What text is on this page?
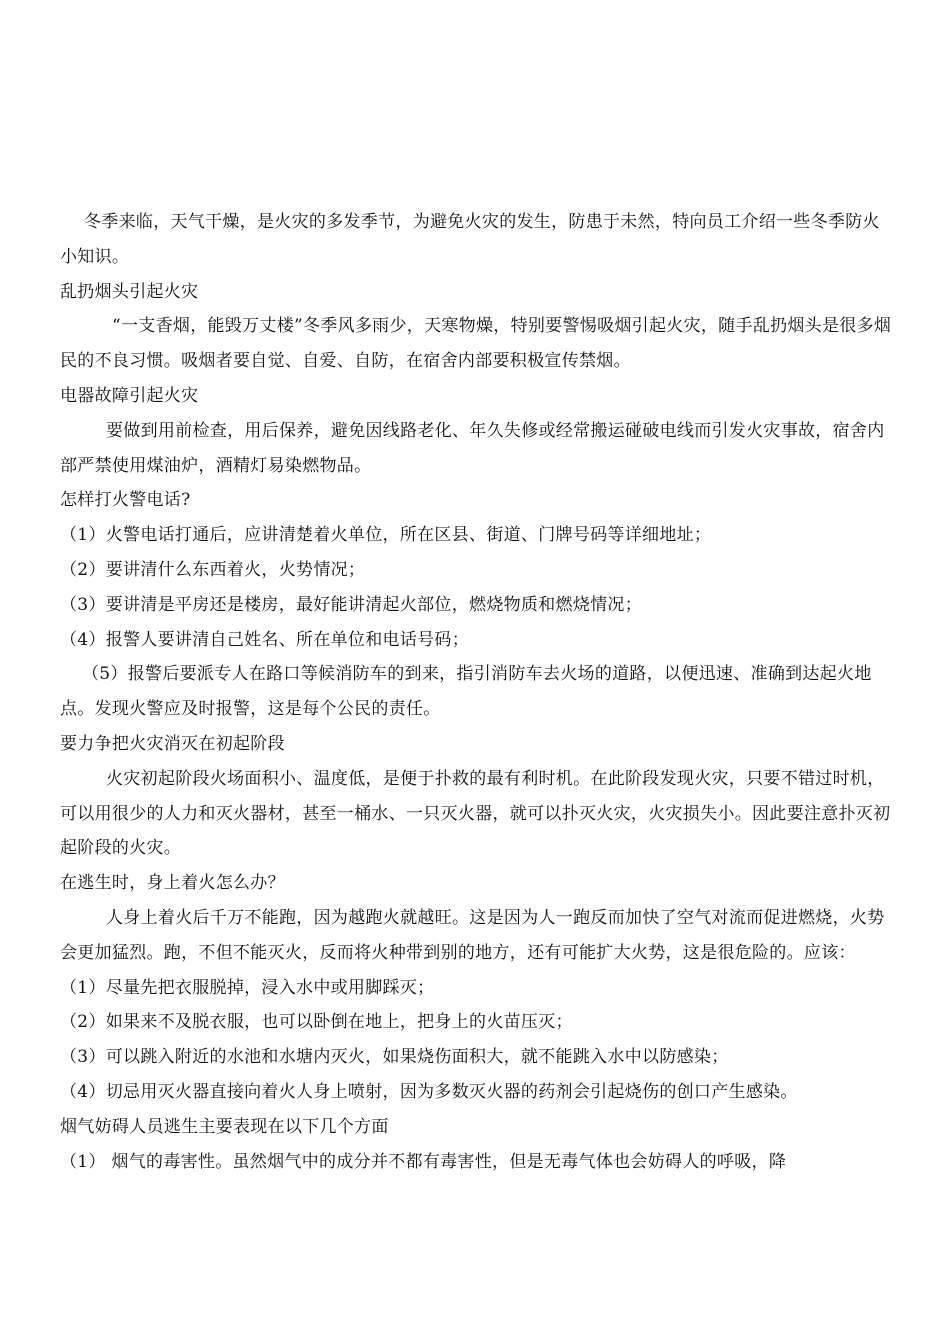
冬季来临，天气干燥，是火灾的多发季节，为避免火灾的发生，防患于未然，特向员工介绍一些冬季防火小知识。

乱扔烟头引起火灾

“一支香烟，能毁万丈楼”冬季风多雨少，天寒物燥，特别要警惕吸烟引起火灾，随手乱扔烟头是很多烟民的不良习惯。吸烟者要自觉、自爱、自防，在宿舍内部要积极宣传禁烟。

电器故障引起火灾

要做到用前检查，用后保养，避免因线路老化、年久失修或经常搬运碰破电线而引发火灾事故，宿舍内部严禁使用煤油炉，酒精灯易染燃物品。

怎样打火警电话?

（1）火警电话打通后，应讲清楚着火单位，所在区县、街道、门牌号码等详细地址；

（2）要讲清什么东西着火，火势情况；

（3）要讲清是平房还是楼房，最好能讲清起火部位，燃烧物质和燃烧情况；

（4）报警人要讲清自己姓名、所在单位和电话号码；

（5）报警后要派专人在路口等候消防车的到来，指引消防车去火场的道路，以便迅速、准确到达起火地点。发现火警应及时报警，这是每个公民的责任。

要力争把火灾消灭在初起阶段

火灾初起阶段火场面积小、温度低，是便于扑救的最有利时机。在此阶段发现火灾，只要不错过时机，可以用很少的人力和灭火器材，甚至一桶水、一只灭火器，就可以扑灭火灾，火灾损失小。因此要注意扑灭初起阶段的火灾。

在逃生时，身上着火怎么办？

人身上着火后千万不能跑，因为越跑火就越旺。这是因为人一跑反而加快了空气对流而促进燃烧，火势会更加猛烈。跑，不但不能灭火，反而将火种带到别的地方，还有可能扩大火势，这是很危险的。应该：

（1）尽量先把衣服脱掉，浸入水中或用脚踩灭；

（2）如果来不及脱衣服，也可以卧倒在地上，把身上的火苗压灭；

（3）可以跳入附近的水池和水塘内灭火，如果烧伤面积大，就不能跳入水中以防感染；

（4）切忌用灭火器直接向着火人身上喷射，因为多数灭火器的药剂会引起烧伤的创口产生感染。

烟气妨碍人员逃生主要表现在以下几个方面

（1） 烟气的毒害性。虽然烟气中的成分并不都有毒害性，但是无毒气体也会妨碍人的呼吸，降
